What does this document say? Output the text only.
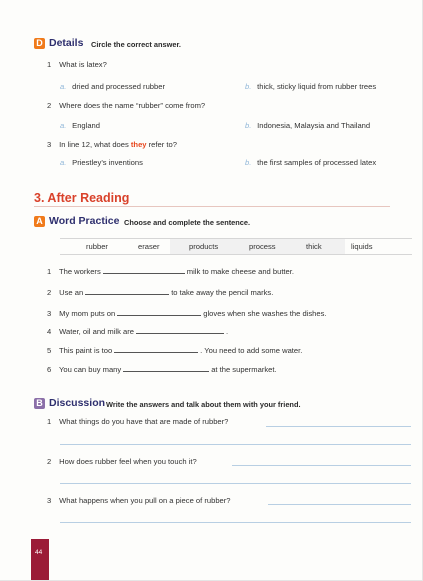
D Details Circle the correct answer.
1 What is latex?
a. dried and processed rubber	b. thick, sticky liquid from rubber trees
2 Where does the name “rubber” come from?
a. England	b. Indonesia, Malaysia and Thailand
3 In line 12, what does they refer to?
a. Priestley’s inventions	b. the first samples of processed latex
3. After Reading
A Word Practice Choose and complete the sentence.
rubber	eraser	products	process	thick	liquids
1 The workers	milk to make cheese and butter.
2 Use an	to take away the pencil marks.
3 My mom puts on	gloves when she washes the dishes.
4 Water, oil and milk are	.
5 This paint is too	. You need to add some water.
6 You can buy many	at the supermarket.
B Discussion Write the answers and talk about them with your friend.
1 What things do you have that are made of rubber?
2 How does rubber feel when you touch it?
3 What happens when you pull on a piece of rubber?
44
